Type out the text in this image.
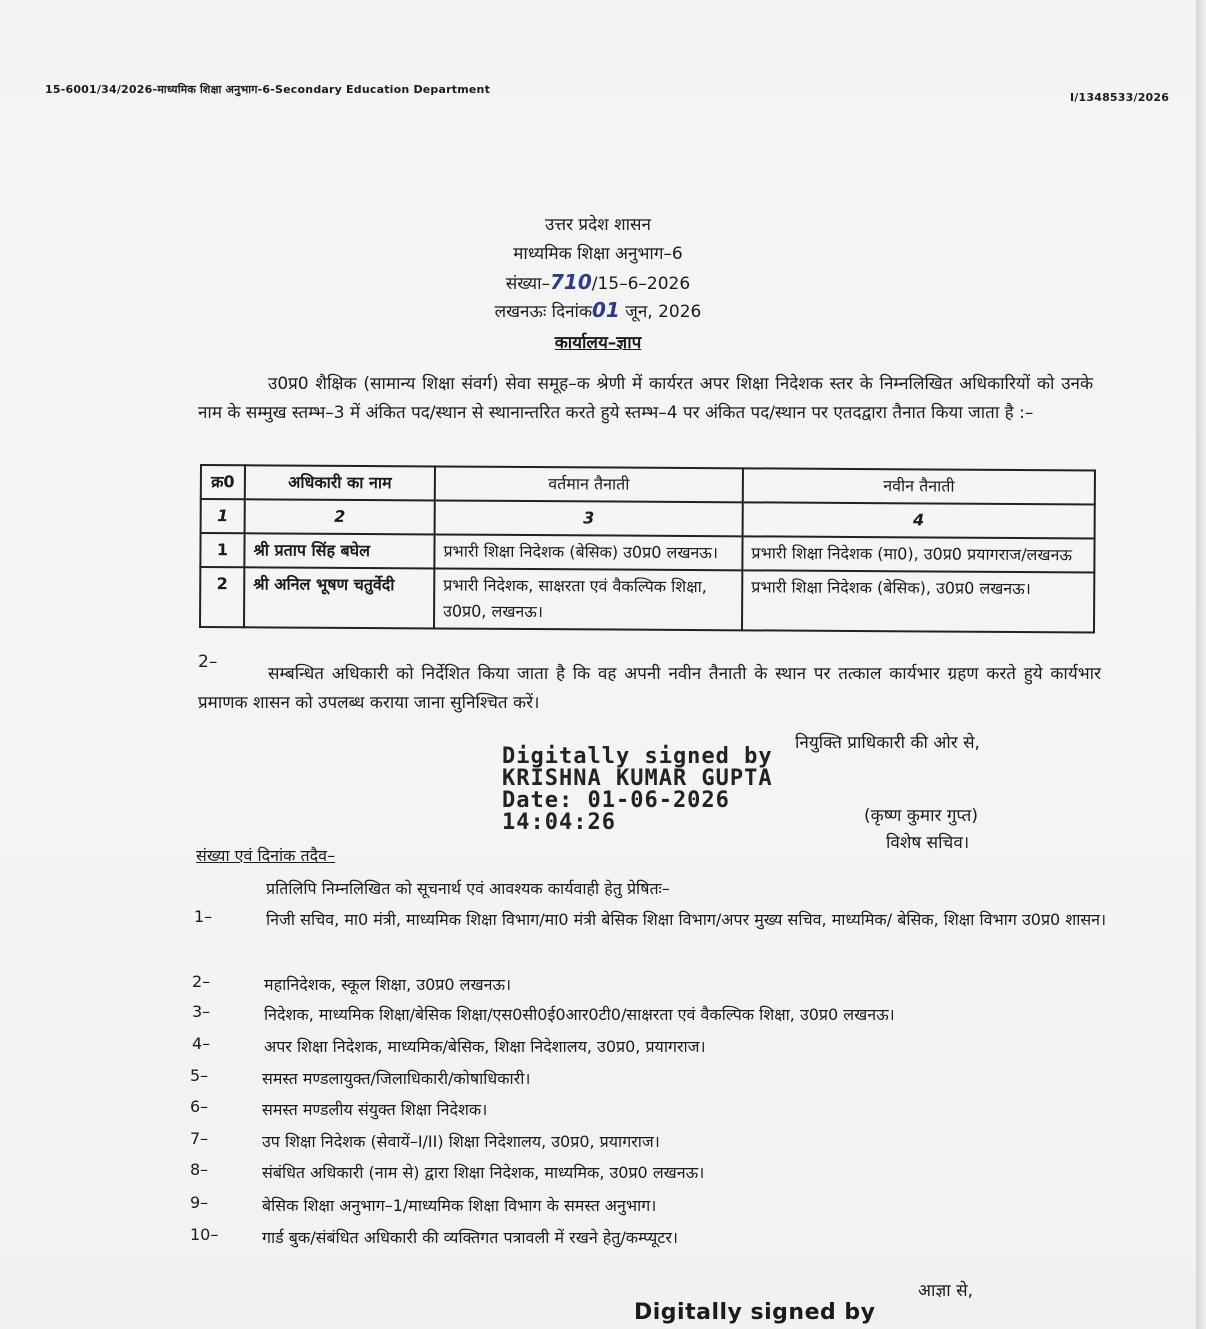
15-6001/34/2026-माध्यमिक शिक्षा अनुभाग-6-Secondary Education Department
I/1348533/2026
उत्तर प्रदेश शासन
माध्यमिक शिक्षा अनुभाग–6
संख्या–710/15–6–2026
लखनऊः दिनांक01 जून, 2026
कार्यालय–ज्ञाप
उ0प्र0 शैक्षिक (सामान्य शिक्षा संवर्ग) सेवा समूह–क श्रेणी में कार्यरत अपर शिक्षा निदेशक स्तर के निम्नलिखित अधिकारियों को उनके नाम के सम्मुख स्तम्भ–3 में अंकित पद/स्थान से स्थानान्तरित करते हुये स्तम्भ–4 पर अंकित पद/स्थान पर एतदद्वारा तैनात किया जाता है :–
क्र0	अधिकारी का नाम	वर्तमान तैनाती	नवीन तैनाती
1	2	3	4
1	श्री प्रताप सिंह बघेल	प्रभारी शिक्षा निदेशक (बेसिक) उ0प्र0 लखनऊ।	प्रभारी शिक्षा निदेशक (मा0), उ0प्र0 प्रयागराज/लखनऊ
2	श्री अनिल भूषण चतुर्वेदी	प्रभारी निदेशक, साक्षरता एवं वैकल्पिक शिक्षा, उ0प्र0, लखनऊ।	प्रभारी शिक्षा निदेशक (बेसिक), उ0प्र0 लखनऊ।
2–
सम्बन्धित अधिकारी को निर्देशित किया जाता है कि वह अपनी नवीन तैनाती के स्थान पर तत्काल कार्यभार ग्रहण करते हुये कार्यभार प्रमाणक शासन को उपलब्ध कराया जाना सुनिश्चित करें।
नियुक्ति प्राधिकारी की ओर से,
Digitally signed by
KRISHNA KUMAR GUPTA
Date: 01-06-2026
14:04:26	(कृष्ण कुमार गुप्त)
विशेष सचिव।
संख्या एवं दिनांक तदैव–
प्रतिलिपि निम्नलिखित को सूचनार्थ एवं आवश्यक कार्यवाही हेतु प्रेषितः–
1–	निजी सचिव, मा0 मंत्री, माध्यमिक शिक्षा विभाग/मा0 मंत्री बेसिक शिक्षा विभाग/अपर मुख्य सचिव, माध्यमिक/ बेसिक, शिक्षा विभाग उ0प्र0 शासन।
2–	महानिदेशक, स्कूल शिक्षा, उ0प्र0 लखनऊ।
3–	निदेशक, माध्यमिक शिक्षा/बेसिक शिक्षा/एस0सी0ई0आर0टी0/साक्षरता एवं वैकल्पिक शिक्षा, उ0प्र0 लखनऊ।
4–	अपर शिक्षा निदेशक, माध्यमिक/बेसिक, शिक्षा निदेशालय, उ0प्र0, प्रयागराज।
5–	समस्त मण्डलायुक्त/जिलाधिकारी/कोषाधिकारी।
6–	समस्त मण्डलीय संयुक्त शिक्षा निदेशक।
7–	उप शिक्षा निदेशक (सेवायें–I/II) शिक्षा निदेशालय, उ0प्र0, प्रयागराज।
8–	संबंधित अधिकारी (नाम से) द्वारा शिक्षा निदेशक, माध्यमिक, उ0प्र0 लखनऊ।
9–	बेसिक शिक्षा अनुभाग–1/माध्यमिक शिक्षा विभाग के समस्त अनुभाग।
10–	गार्ड बुक/संबंधित अधिकारी की व्यक्तिगत पत्रावली में रखने हेतु/कम्प्यूटर।
आज्ञा से,
Digitally signed by
